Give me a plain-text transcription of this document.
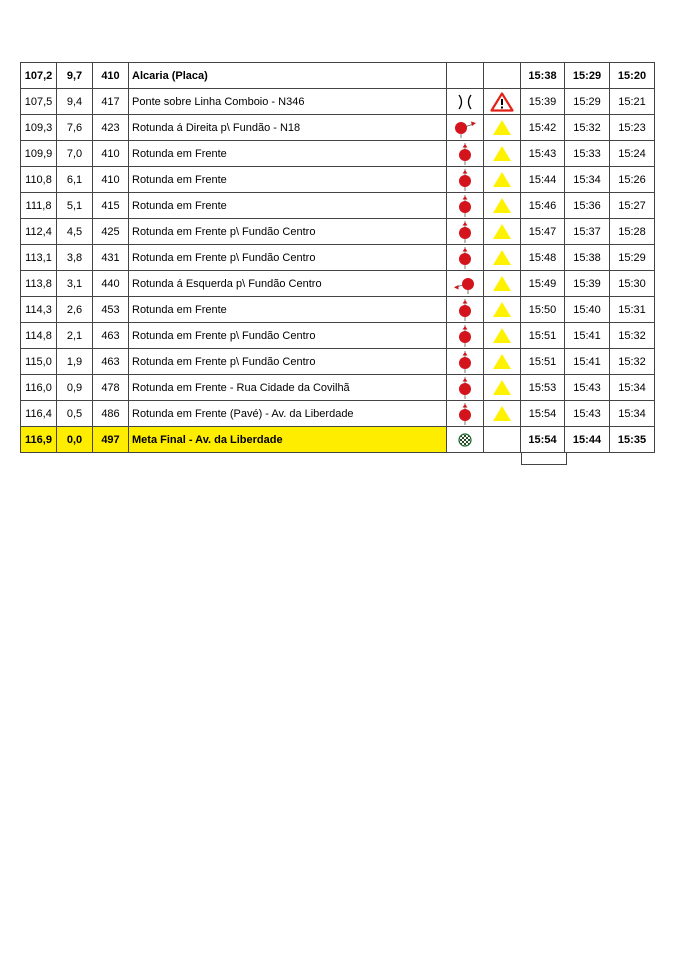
107,2	9,7	410	Alcaria (Placa)			15:38	15:29	15:20
107,5	9,4	417	Ponte sobre Linha Comboio - N346			15:39	15:29	15:21
109,3	7,6	423	Rotunda á Direita p\ Fundão - N18			15:42	15:32	15:23
109,9	7,0	410	Rotunda em Frente			15:43	15:33	15:24
110,8	6,1	410	Rotunda em Frente			15:44	15:34	15:26
111,8	5,1	415	Rotunda em Frente			15:46	15:36	15:27
112,4	4,5	425	Rotunda em Frente p\ Fundão Centro			15:47	15:37	15:28
113,1	3,8	431	Rotunda em Frente p\ Fundão Centro			15:48	15:38	15:29
113,8	3,1	440	Rotunda á Esquerda p\ Fundão Centro			15:49	15:39	15:30
114,3	2,6	453	Rotunda em Frente			15:50	15:40	15:31
114,8	2,1	463	Rotunda em Frente p\ Fundão Centro			15:51	15:41	15:32
115,0	1,9	463	Rotunda em Frente p\ Fundão Centro			15:51	15:41	15:32
116,0	0,9	478	Rotunda em Frente - Rua Cidade da Covilhã			15:53	15:43	15:34
116,4	0,5	486	Rotunda em Frente (Pavé) - Av. da Liberdade			15:54	15:43	15:34
116,9	0,0	497	Meta Final - Av. da Liberdade			15:54	15:44	15:35
